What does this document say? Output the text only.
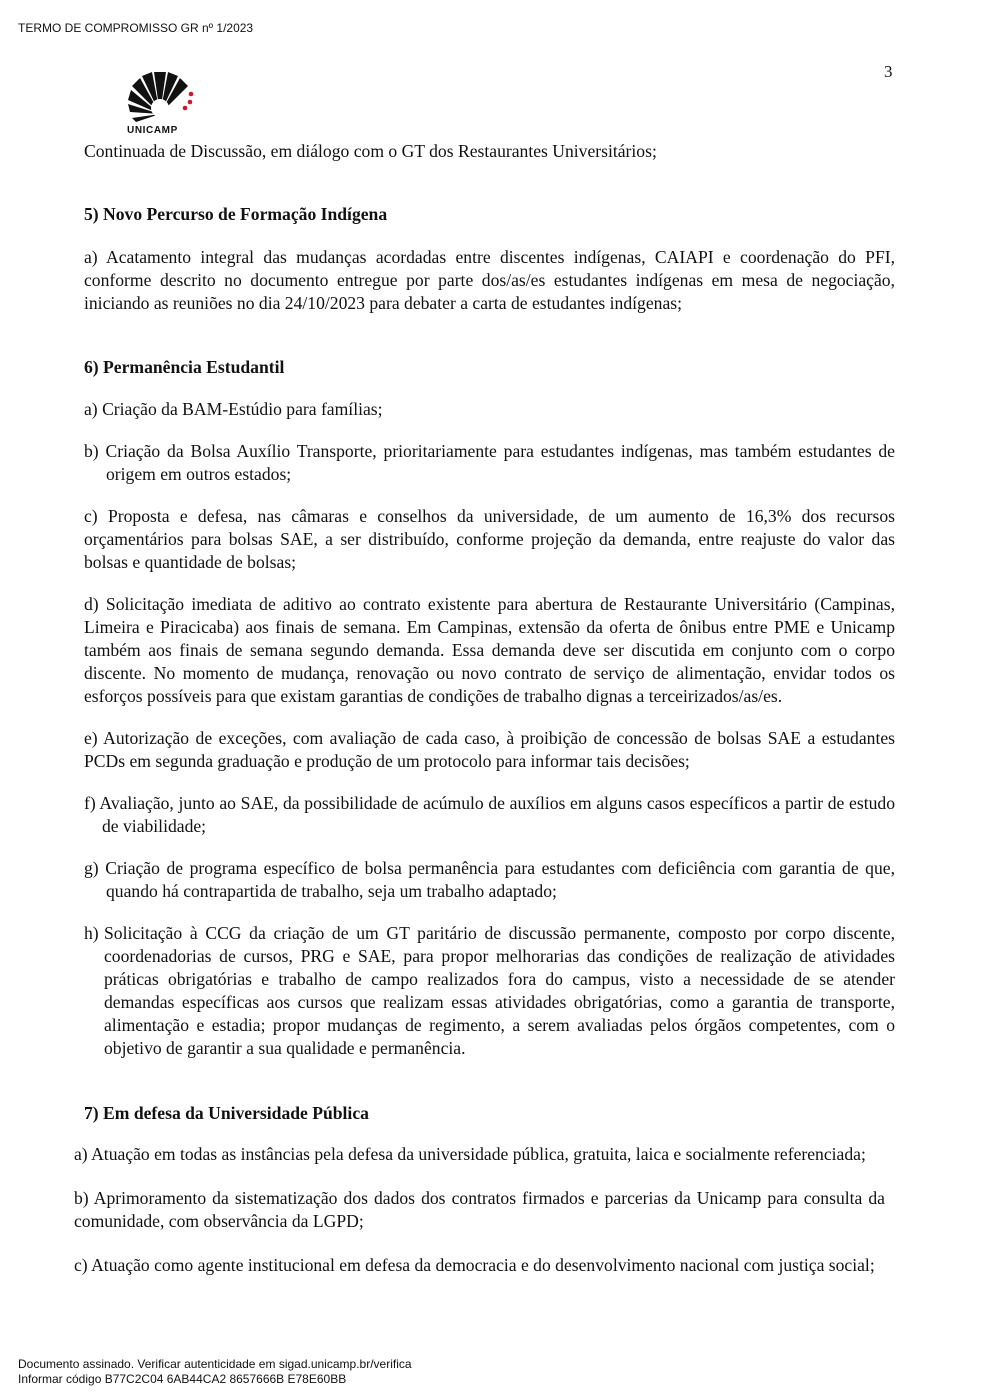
TERMO DE COMPROMISSO GR nº 1/2023
3
UNICAMP

Continuada de Discussão, em diálogo com o GT dos Restaurantes Universitários;

5) Novo Percurso de Formação Indígena

a) Acatamento integral das mudanças acordadas entre discentes indígenas, CAIAPI e coordenação do PFI, conforme descrito no documento entregue por parte dos/as/es estudantes indígenas em mesa de negociação, iniciando as reuniões no dia 24/10/2023 para debater a carta de estudantes indígenas;

6) Permanência Estudantil

a) Criação da BAM-Estúdio para famílias;

b) Criação da Bolsa Auxílio Transporte, prioritariamente para estudantes indígenas, mas também estudantes de origem em outros estados;

c) Proposta e defesa, nas câmaras e conselhos da universidade, de um aumento de 16,3% dos recursos orçamentários para bolsas SAE, a ser distribuído, conforme projeção da demanda, entre reajuste do valor das bolsas e quantidade de bolsas;

d) Solicitação imediata de aditivo ao contrato existente para abertura de Restaurante Universitário (Campinas, Limeira e Piracicaba) aos finais de semana. Em Campinas, extensão da oferta de ônibus entre PME e Unicamp também aos finais de semana segundo demanda. Essa demanda deve ser discutida em conjunto com o corpo discente. No momento de mudança, renovação ou novo contrato de serviço de alimentação, envidar todos os esforços possíveis para que existam garantias de condições de trabalho dignas a terceirizados/as/es.

e) Autorização de exceções, com avaliação de cada caso, à proibição de concessão de bolsas SAE a estudantes PCDs em segunda graduação e produção de um protocolo para informar tais decisões;

f) Avaliação, junto ao SAE, da possibilidade de acúmulo de auxílios em alguns casos específicos a partir de estudo de viabilidade;

g) Criação de programa específico de bolsa permanência para estudantes com deficiência com garantia de que, quando há contrapartida de trabalho, seja um trabalho adaptado;

h) Solicitação à CCG da criação de um GT paritário de discussão permanente, composto por corpo discente, coordenadorias de cursos, PRG e SAE, para propor melhorarias das condições de realização de atividades práticas obrigatórias e trabalho de campo realizados fora do campus, visto a necessidade de se atender demandas específicas aos cursos que realizam essas atividades obrigatórias, como a garantia de transporte, alimentação e estadia; propor mudanças de regimento, a serem avaliadas pelos órgãos competentes, com o objetivo de garantir a sua qualidade e permanência.

7) Em defesa da Universidade Pública

a) Atuação em todas as instâncias pela defesa da universidade pública, gratuita, laica e socialmente referenciada;

b) Aprimoramento da sistematização dos dados dos contratos firmados e parcerias da Unicamp para consulta da comunidade, com observância da LGPD;

c) Atuação como agente institucional em defesa da democracia e do desenvolvimento nacional com justiça social;

Documento assinado. Verificar autenticidade em sigad.unicamp.br/verifica
Informar código B77C2C04 6AB44CA2 8657666B E78E60BB
